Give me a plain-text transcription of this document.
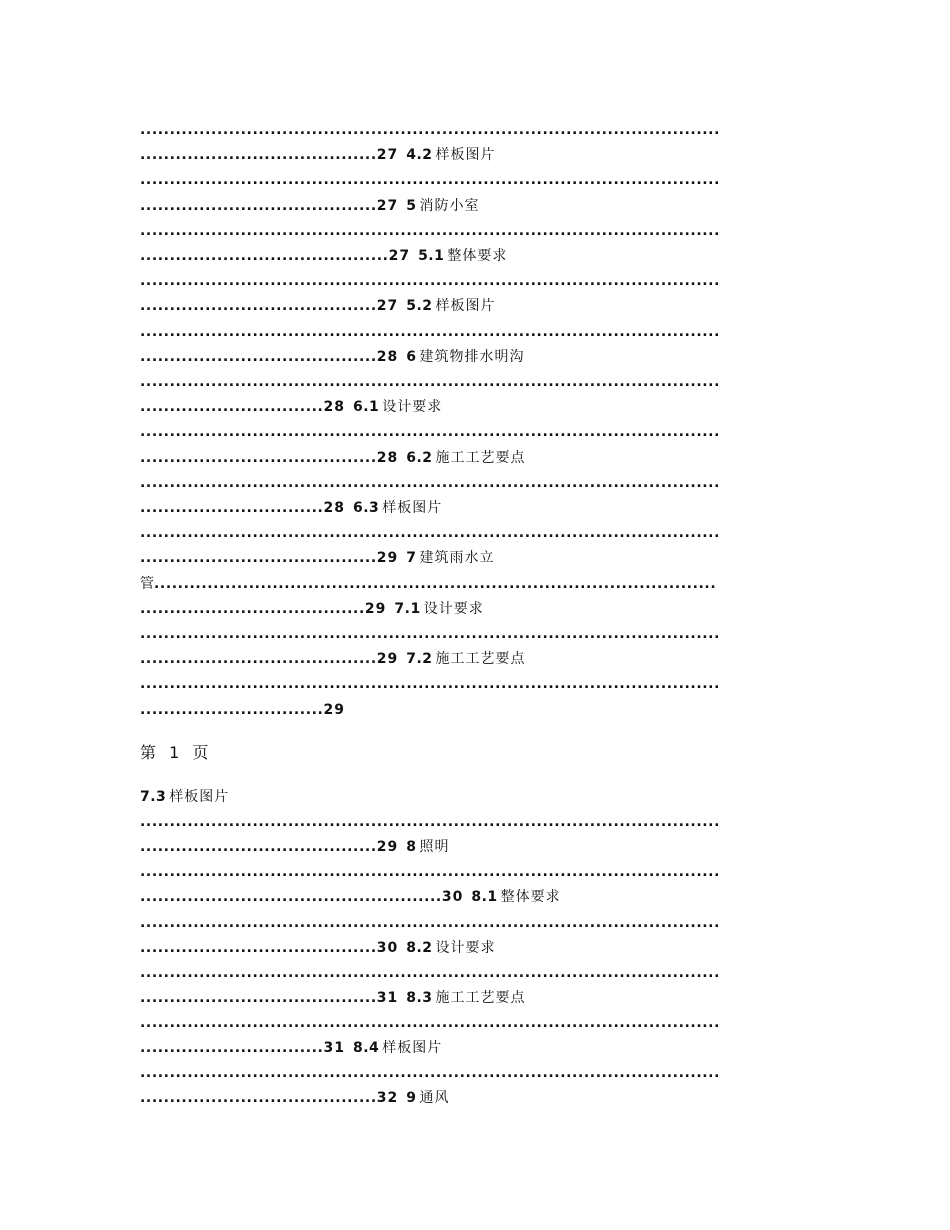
..................................................................................................
........................................27 4.2 样板图片
..................................................................................................
........................................27 5 消防小室
..................................................................................................
..........................................27 5.1 整体要求
..................................................................................................
........................................27 5.2 样板图片
..................................................................................................
........................................28 6 建筑物排水明沟
..................................................................................................
...............................28 6.1 设计要求
..................................................................................................
........................................28 6.2 施工工艺要点
..................................................................................................
...............................28 6.3 样板图片
..................................................................................................
........................................29 7 建筑雨水立
管...............................................................................................
......................................29 7.1 设计要求
..................................................................................................
........................................29 7.2 施工工艺要点
..................................................................................................
...............................29
第 1 页
7.3 样板图片
..................................................................................................
........................................29 8 照明
..................................................................................................
...................................................30 8.1 整体要求
..................................................................................................
........................................30 8.2 设计要求
..................................................................................................
........................................31 8.3 施工工艺要点
..................................................................................................
...............................31 8.4 样板图片
..................................................................................................
........................................32 9 通风
